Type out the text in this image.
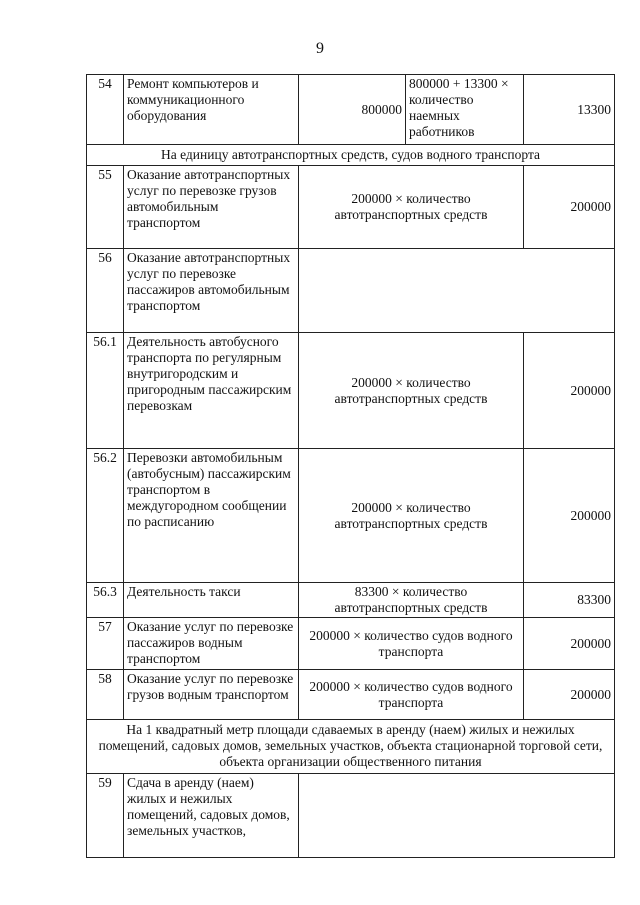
9
54	Ремонт компьютеров и коммуникационного оборудования	800000	800000 + 13300 × количество наемных работников	13300
На единицу автотранспортных средств, судов водного транспорта				
55	Оказание автотранспортных услуг по перевозке грузов автомобильным транспортом	200000 × количество автотранспортных средств		200000
56	Оказание автотранспортных услуг по перевозке пассажиров автомобильным транспортом			
56.1	Деятельность автобусного транспорта по регулярным внутригородским и пригородным пассажирским перевозкам	200000 × количество автотранспортных средств		200000
56.2	Перевозки автомобильным (автобусным) пассажирским транспортом в междугородном сообщении по расписанию	200000 × количество автотранспортных средств		200000
56.3	Деятельность такси	83300 × количество автотранспортных средств		83300
57	Оказание услуг по перевозке пассажиров водным транспортом	200000 × количество судов водного транспорта		200000
58	Оказание услуг по перевозке грузов водным транспортом	200000 × количество судов водного транспорта		200000
На 1 квадратный метр площади сдаваемых в аренду (наем) жилых и нежилых помещений, садовых домов, земельных участков, объекта стационарной торговой сети, объекта организации общественного питания				
59	Сдача в аренду (наем) жилых и нежилых помещений, садовых домов, земельных участков,			
